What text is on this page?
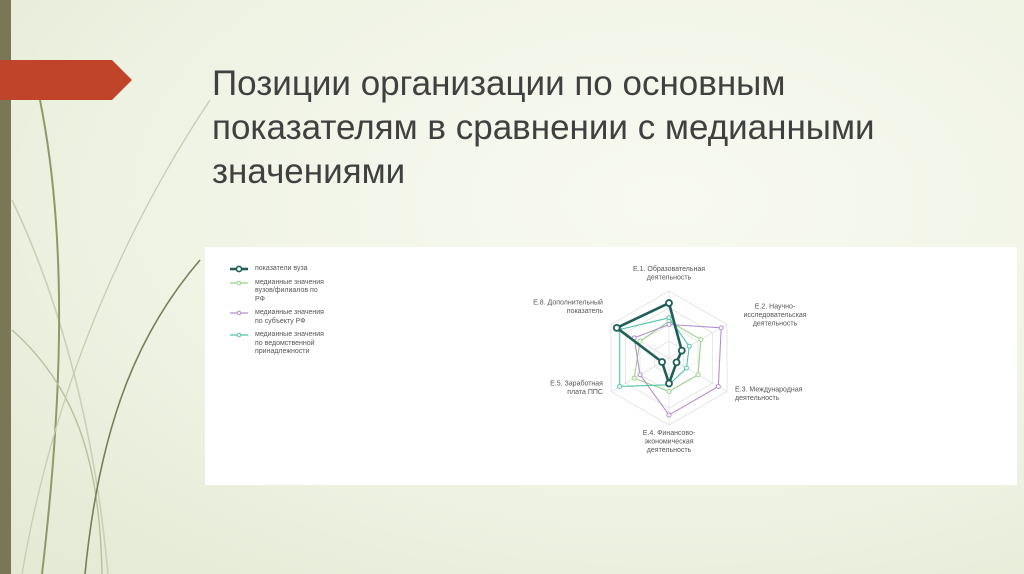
Позиции организации по основным
показателям в сравнении с медианными
значениями
показатели вуза
медианные значения
вузов/филиалов по
РФ
медианные значения
по субъекту РФ
медианные значения
по ведомственной
принадлежности
Е.1. Образовательная деятельность
Е.2. Научно-исследовательская деятельность
Е.3. Международная деятельность
Е.4. Финансово-экономическая деятельность
Е.5. Заработная плата ППС
Е.8. Дополнительный показатель
